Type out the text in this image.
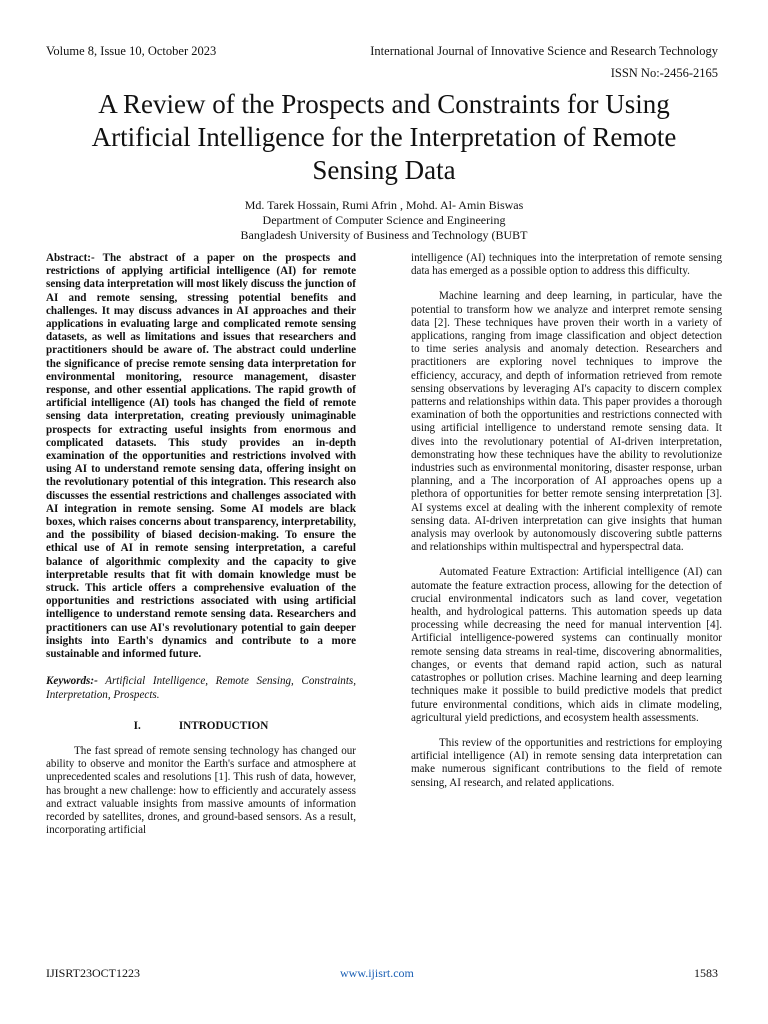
Volume 8, Issue 10, October 2023	International Journal of Innovative Science and Research Technology
ISSN No:-2456-2165
A Review of the Prospects and Constraints for Using Artificial Intelligence for the Interpretation of Remote Sensing Data
Md. Tarek Hossain, Rumi Afrin , Mohd. Al- Amin Biswas
Department of Computer Science and Engineering
Bangladesh University of Business and Technology (BUBT

Abstract:- The abstract of a paper on the prospects and restrictions of applying artificial intelligence (AI) for remote sensing data interpretation will most likely discuss the junction of AI and remote sensing, stressing potential benefits and challenges. It may discuss advances in AI approaches and their applications in evaluating large and complicated remote sensing datasets, as well as limitations and issues that researchers and practitioners should be aware of. The abstract could underline the significance of precise remote sensing data interpretation for environmental monitoring, resource management, disaster response, and other essential applications. The rapid growth of artificial intelligence (AI) tools has changed the field of remote sensing data interpretation, creating previously unimaginable prospects for extracting useful insights from enormous and complicated datasets. This study provides an in-depth examination of the opportunities and restrictions involved with using AI to understand remote sensing data, offering insight on the revolutionary potential of this integration. This research also discusses the essential restrictions and challenges associated with AI integration in remote sensing. Some AI models are black boxes, which raises concerns about transparency, interpretability, and the possibility of biased decision-making. To ensure the ethical use of AI in remote sensing interpretation, a careful balance of algorithmic complexity and the capacity to give interpretable results that fit with domain knowledge must be struck. This article offers a comprehensive evaluation of the opportunities and restrictions associated with using artificial intelligence to understand remote sensing data. Researchers and practitioners can use AI's revolutionary potential to gain deeper insights into Earth's dynamics and contribute to a more sustainable and informed future.

Keywords:- Artificial Intelligence, Remote Sensing, Constraints, Interpretation, Prospects.

I.	INTRODUCTION

The fast spread of remote sensing technology has changed our ability to observe and monitor the Earth's surface and atmosphere at unprecedented scales and resolutions [1]. This rush of data, however, has brought a new challenge: how to efficiently and accurately assess and extract valuable insights from massive amounts of information recorded by satellites, drones, and ground-based sensors. As a result, incorporating artificial

intelligence (AI) techniques into the interpretation of remote sensing data has emerged as a possible option to address this difficulty.

Machine learning and deep learning, in particular, have the potential to transform how we analyze and interpret remote sensing data [2]. These techniques have proven their worth in a variety of applications, ranging from image classification and object detection to time series analysis and anomaly detection. Researchers and practitioners are exploring novel techniques to improve the efficiency, accuracy, and depth of information retrieved from remote sensing observations by leveraging AI's capacity to discern complex patterns and relationships within data. This paper provides a thorough examination of both the opportunities and restrictions connected with using artificial intelligence to understand remote sensing data. It dives into the revolutionary potential of AI-driven interpretation, demonstrating how these techniques have the ability to revolutionize industries such as environmental monitoring, disaster response, urban planning, and a The incorporation of AI approaches opens up a plethora of opportunities for better remote sensing interpretation [3]. AI systems excel at dealing with the inherent complexity of remote sensing data. AI-driven interpretation can give insights that human analysis may overlook by autonomously discovering subtle patterns and relationships within multispectral and hyperspectral data.

Automated Feature Extraction: Artificial intelligence (AI) can automate the feature extraction process, allowing for the detection of crucial environmental indicators such as land cover, vegetation health, and hydrological patterns. This automation speeds up data processing while decreasing the need for manual intervention [4]. Artificial intelligence-powered systems can continually monitor remote sensing data streams in real-time, discovering abnormalities, changes, or events that demand rapid action, such as natural catastrophes or pollution crises. Machine learning and deep learning techniques make it possible to build predictive models that predict future environmental conditions, which aids in climate modeling, agricultural yield predictions, and ecosystem health assessments.

This review of the opportunities and restrictions for employing artificial intelligence (AI) in remote sensing data interpretation can make numerous significant contributions to the field of remote sensing, AI research, and related applications.

IJISRT23OCT1223	www.ijisrt.com	1583
